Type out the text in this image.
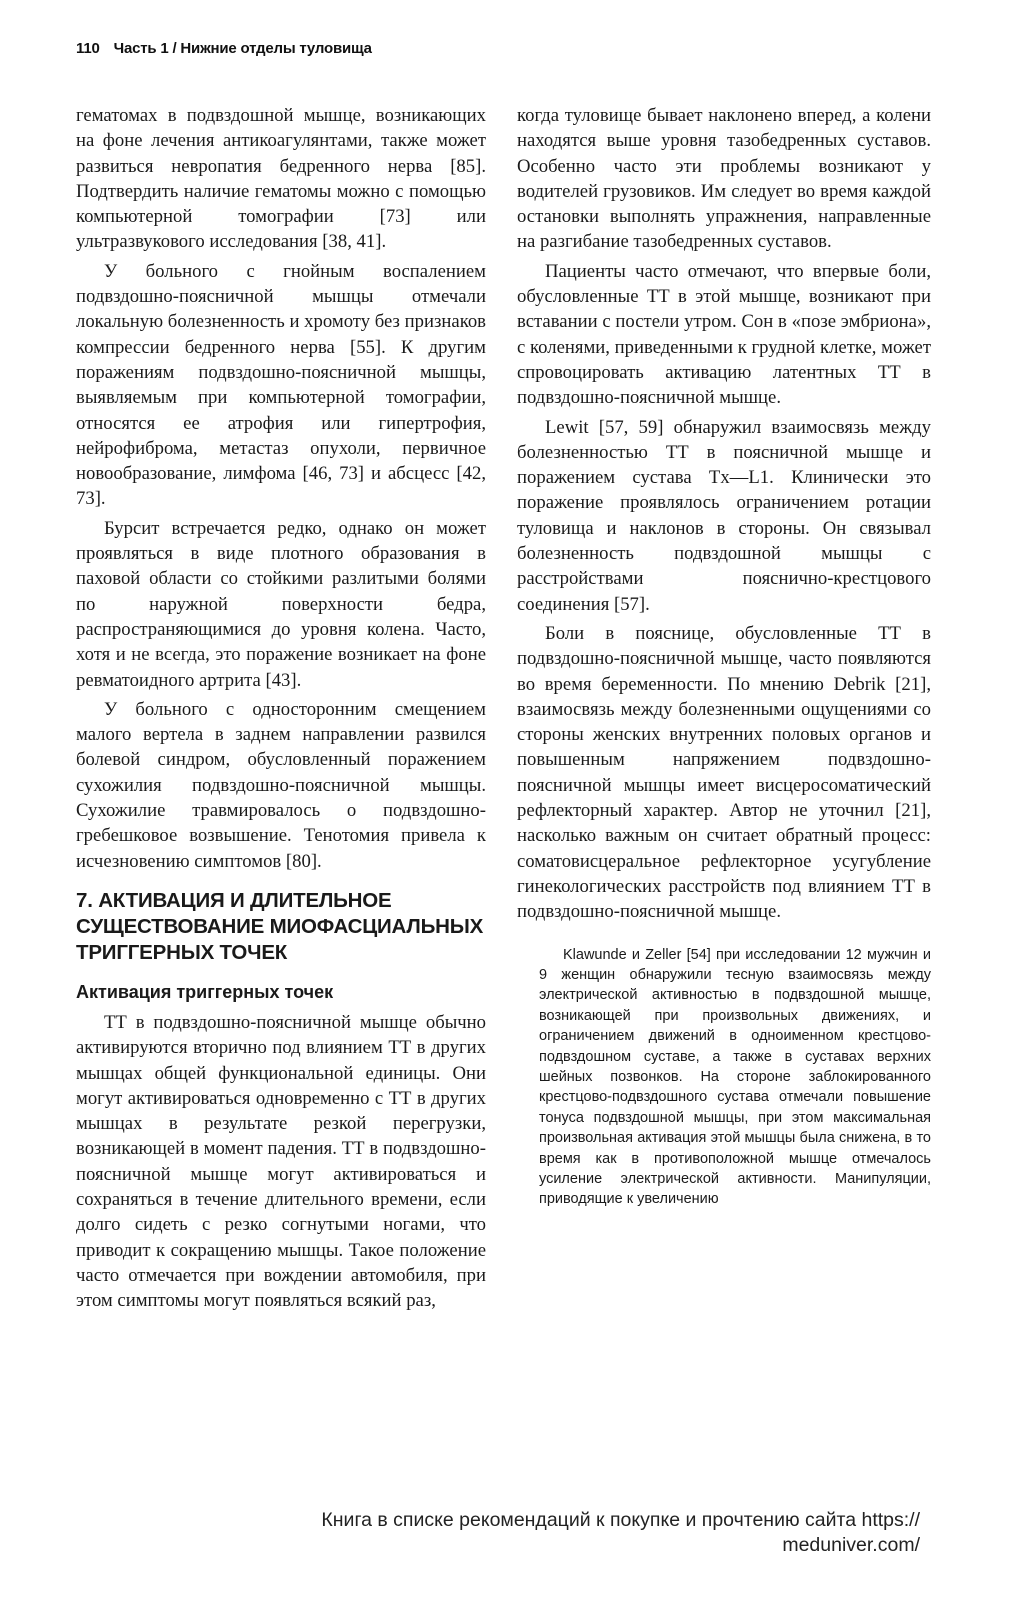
110 Часть 1 / Нижние отделы туловища

гематомах в подвздошной мышце, возникающих на фоне лечения антикоагулянтами, также может развиться невропатия бедренного нерва [85]. Подтвердить наличие гематомы можно с помощью компьютерной томографии [73] или ультразвукового исследования [38, 41].

У больного с гнойным воспалением подвздошно-поясничной мышцы отмечали локальную болезненность и хромоту без признаков компрессии бедренного нерва [55]. К другим поражениям подвздошно-поясничной мышцы, выявляемым при компьютерной томографии, относятся ее атрофия или гипертрофия, нейрофиброма, метастаз опухоли, первичное новообразование, лимфома [46, 73] и абсцесс [42, 73].

Бурсит встречается редко, однако он может проявляться в виде плотного образования в паховой области со стойкими разлитыми болями по наружной поверхности бедра, распространяющимися до уровня колена. Часто, хотя и не всегда, это поражение возникает на фоне ревматоидного артрита [43].

У больного с односторонним смещением малого вертела в заднем направлении развился болевой синдром, обусловленный поражением сухожилия подвздошно-поясничной мышцы. Сухожилие травмировалось о подвздошно-гребешковое возвышение. Тенотомия привела к исчезновению симптомов [80].

7. АКТИВАЦИЯ И ДЛИТЕЛЬНОЕ СУЩЕСТВОВАНИЕ МИОФАСЦИАЛЬНЫХ ТРИГГЕРНЫХ ТОЧЕК
Активация триггерных точек

ТТ в подвздошно-поясничной мышце обычно активируются вторично под влиянием ТТ в других мышцах общей функциональной единицы. Они могут активироваться одновременно с ТТ в других мышцах в результате резкой перегрузки, возникающей в момент падения. ТТ в подвздошно-поясничной мышце могут активироваться и сохраняться в течение длительного времени, если долго сидеть с резко согнутыми ногами, что приводит к сокращению мышцы. Такое положение часто отмечается при вождении автомобиля, при этом симптомы могут появляться всякий раз,

когда туловище бывает наклонено вперед, а колени находятся выше уровня тазобедренных суставов. Особенно часто эти проблемы возникают у водителей грузовиков. Им следует во время каждой остановки выполнять упражнения, направленные на разгибание тазобедренных суставов.

Пациенты часто отмечают, что впервые боли, обусловленные ТТ в этой мышце, возникают при вставании с постели утром. Сон в «позе эмбриона», с коленями, приведенными к грудной клетке, может спровоцировать активацию латентных ТТ в подвздошно-поясничной мышце.

Lewit [57, 59] обнаружил взаимосвязь между болезненностью ТТ в поясничной мышце и поражением сустава Tx—L1. Клинически это поражение проявлялось ограничением ротации туловища и наклонов в стороны. Он связывал болезненность подвздошной мышцы с расстройствами пояснично-крестцового соединения [57].

Боли в пояснице, обусловленные ТТ в подвздошно-поясничной мышце, часто появляются во время беременности. По мнению Debrik [21], взаимосвязь между болезненными ощущениями со стороны женских внутренних половых органов и повышенным напряжением подвздошно-поясничной мышцы имеет висцеросоматический рефлекторный характер. Автор не уточнил [21], насколько важным он считает обратный процесс: соматовисцеральное рефлекторное усугубление гинекологических расстройств под влиянием ТТ в подвздошно-поясничной мышце.

Klawunde и Zeller [54] при исследовании 12 мужчин и 9 женщин обнаружили тесную взаимосвязь между электрической активностью в подвздошной мышце, возникающей при произвольных движениях, и ограничением движений в одноименном крестцово-подвздошном суставе, а также в суставах верхних шейных позвонков. На стороне заблокированного крестцово-подвздошного сустава отмечали повышение тонуса подвздошной мышцы, при этом максимальная произвольная активация этой мышцы была снижена, в то время как в противоположной мышце отмечалось усиление электрической активности. Манипуляции, приводящие к увеличению

Книга в списке рекомендаций к покупке и прочтению сайта https://
meduniver.com/
